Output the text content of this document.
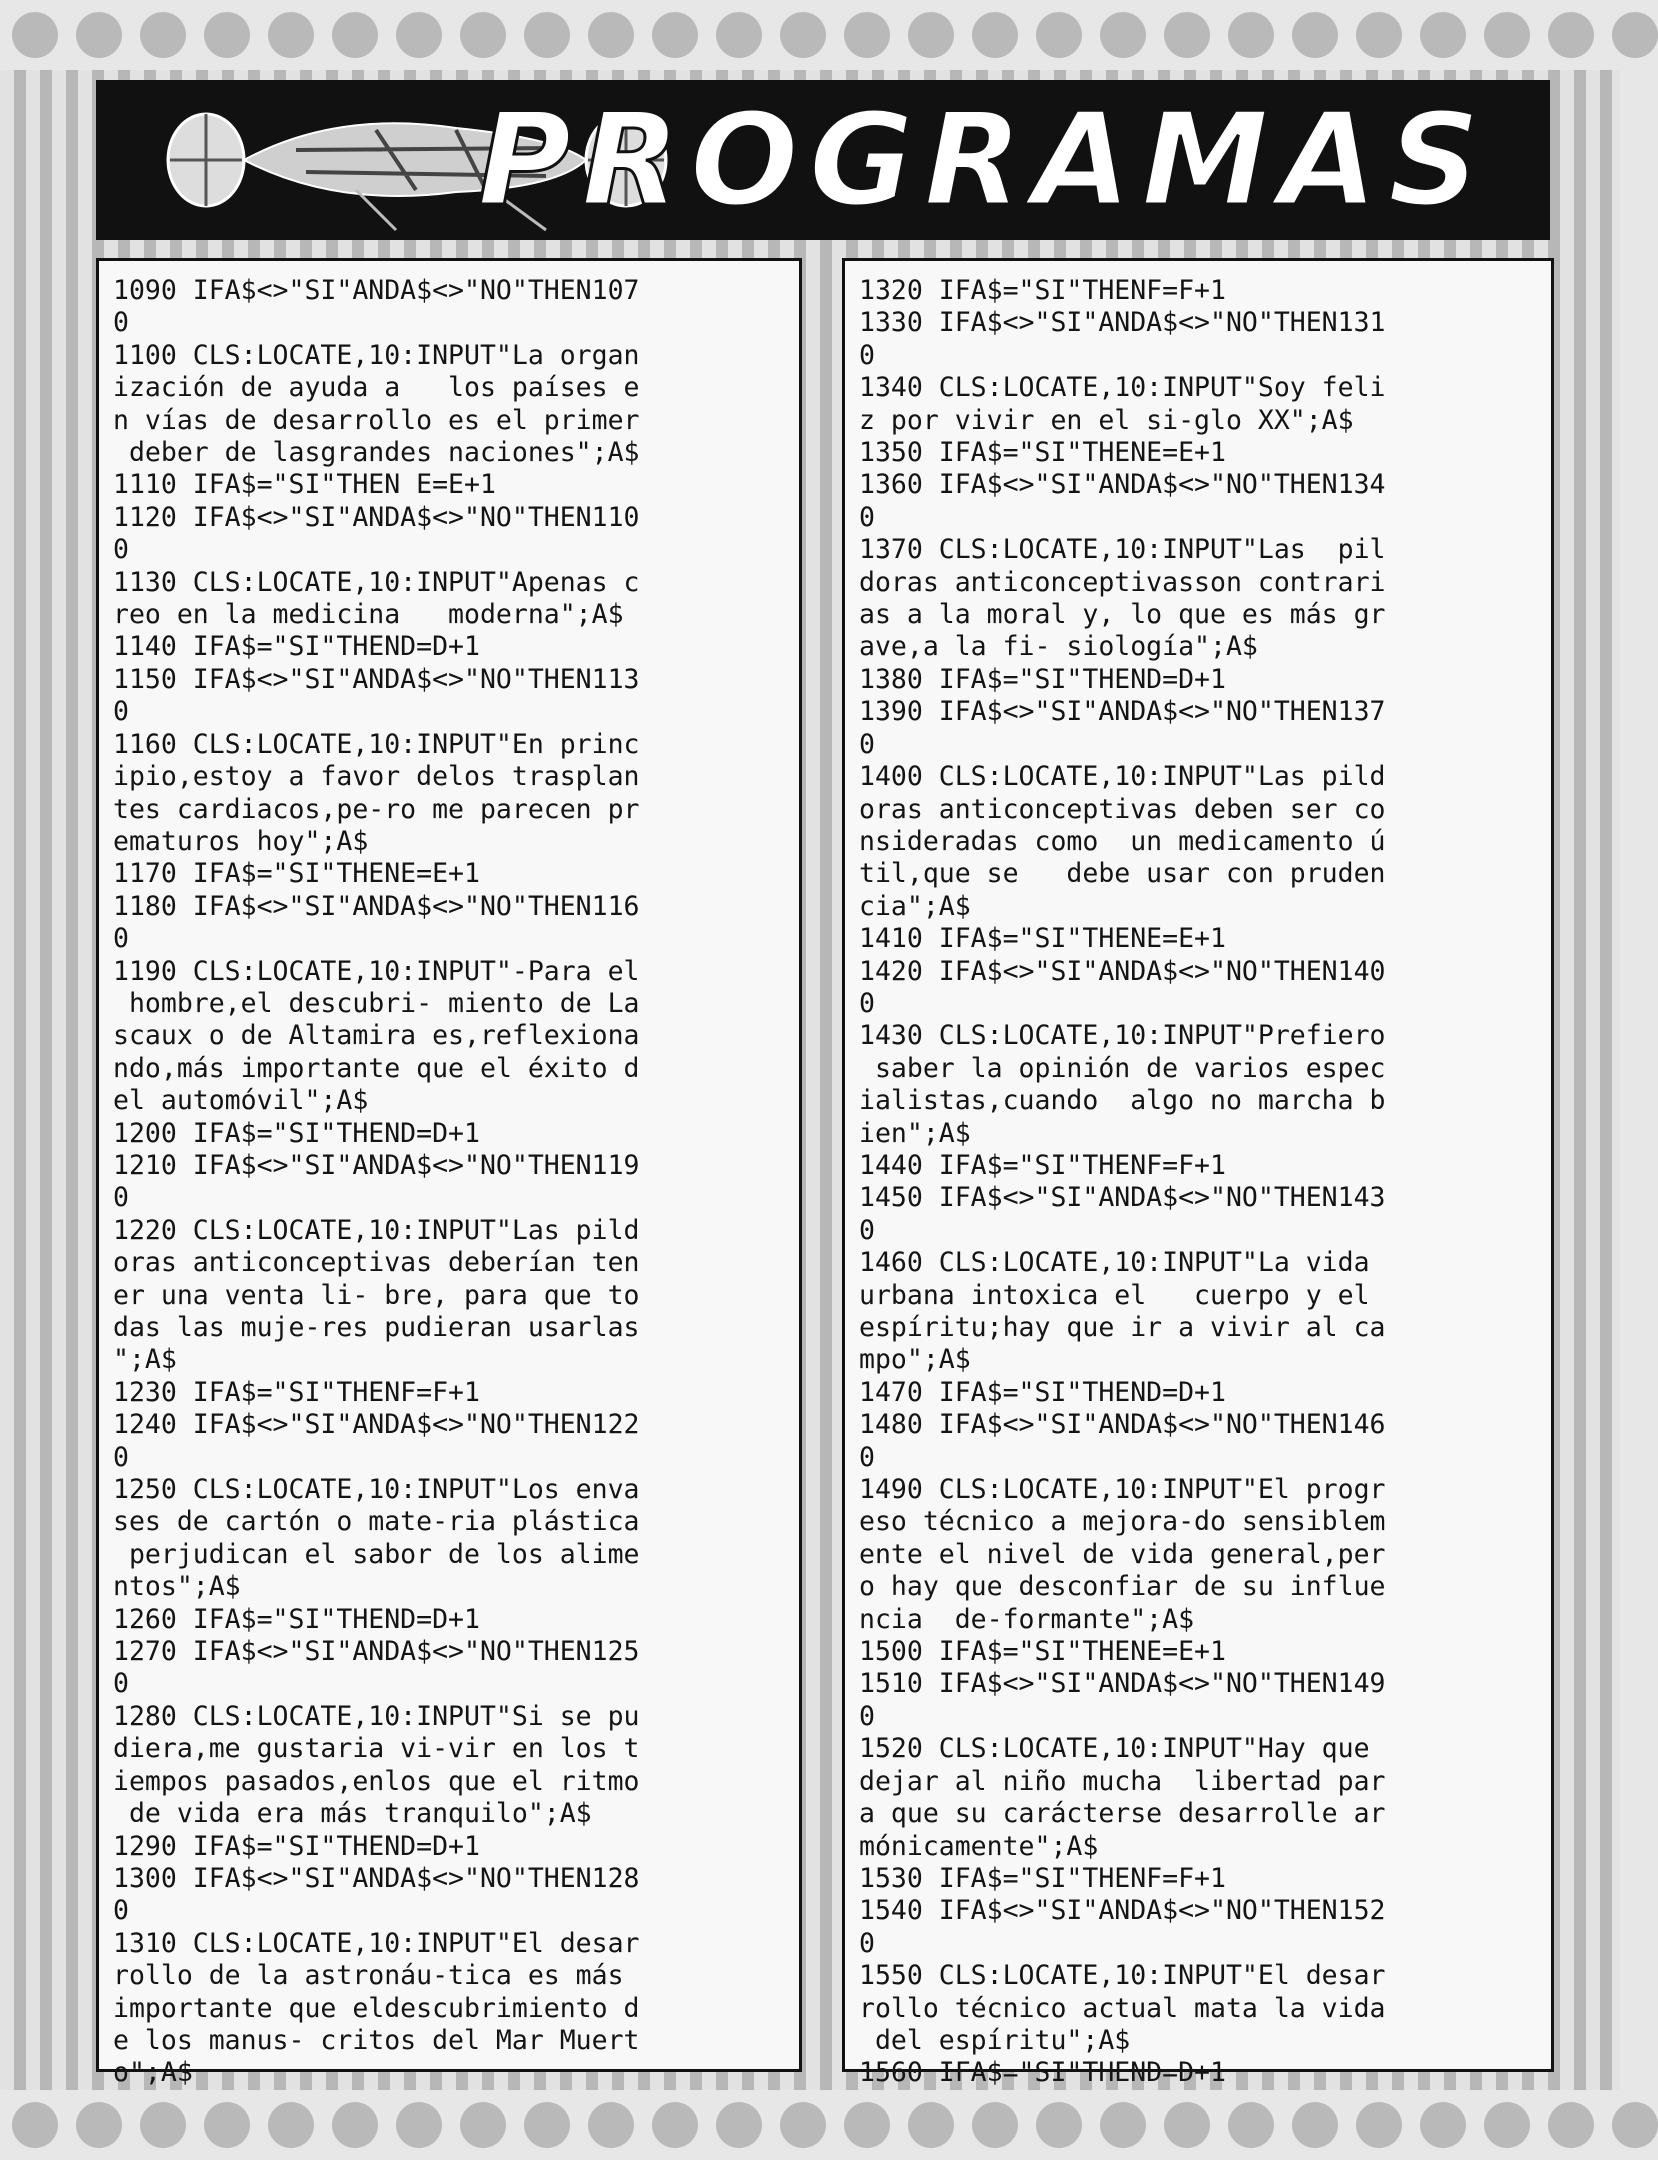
PROGRAMAS
1090 IFA$<>"SI"ANDA$<>"NO"THEN107
0
1100 CLS:LOCATE,10:INPUT"La organ
ización de ayuda a   los países e
n vías de desarrollo es el primer
deber de lasgrandes naciones";A$
1110 IFA$="SI"THEN E=E+1
1120 IFA$<>"SI"ANDA$<>"NO"THEN110
0
1130 CLS:LOCATE,10:INPUT"Apenas c
reo en la medicina   moderna";A$
1140 IFA$="SI"THEND=D+1
1150 IFA$<>"SI"ANDA$<>"NO"THEN113
0
1160 CLS:LOCATE,10:INPUT"En princ
ipio,estoy a favor delos trasplan
tes cardiacos,pe-ro me parecen pr
ematuros hoy";A$
1170 IFA$="SI"THENE=E+1
1180 IFA$<>"SI"ANDA$<>"NO"THEN116
0
1190 CLS:LOCATE,10:INPUT"-Para el
hombre,el descubri- miento de La
scaux o de Altamira es,reflexiona
ndo,más importante que el éxito d
el automóvil";A$
1200 IFA$="SI"THEND=D+1
1210 IFA$<>"SI"ANDA$<>"NO"THEN119
0
1220 CLS:LOCATE,10:INPUT"Las pild
oras anticonceptivas deberían ten
er una venta li- bre, para que to
das las muje-res pudieran usarlas
";A$
1230 IFA$="SI"THENF=F+1
1240 IFA$<>"SI"ANDA$<>"NO"THEN122
0
1250 CLS:LOCATE,10:INPUT"Los enva
ses de cartón o mate-ria plástica
perjudican el sabor de los alime
ntos";A$
1260 IFA$="SI"THEND=D+1
1270 IFA$<>"SI"ANDA$<>"NO"THEN125
0
1280 CLS:LOCATE,10:INPUT"Si se pu
diera,me gustaria vi-vir en los t
iempos pasados,enlos que el ritmo
de vida era más tranquilo";A$
1290 IFA$="SI"THEND=D+1
1300 IFA$<>"SI"ANDA$<>"NO"THEN128
0
1310 CLS:LOCATE,10:INPUT"El desar
rollo de la astronáu-tica es más
importante que eldescubrimiento d
e los manus- critos del Mar Muert
o";A$
1320 IFA$="SI"THENF=F+1
1330 IFA$<>"SI"ANDA$<>"NO"THEN131
0
1340 CLS:LOCATE,10:INPUT"Soy feli
z por vivir en el si-glo XX";A$
1350 IFA$="SI"THENE=E+1
1360 IFA$<>"SI"ANDA$<>"NO"THEN134
0
1370 CLS:LOCATE,10:INPUT"Las  pil
doras anticonceptivasson contrari
as a la moral y, lo que es más gr
ave,a la fi- siología";A$
1380 IFA$="SI"THEND=D+1
1390 IFA$<>"SI"ANDA$<>"NO"THEN137
0
1400 CLS:LOCATE,10:INPUT"Las pild
oras anticonceptivas deben ser co
nsideradas como  un medicamento ú
til,que se   debe usar con pruden
cia";A$
1410 IFA$="SI"THENE=E+1
1420 IFA$<>"SI"ANDA$<>"NO"THEN140
0
1430 CLS:LOCATE,10:INPUT"Prefiero
saber la opinión de varios espec
ialistas,cuando  algo no marcha b
ien";A$
1440 IFA$="SI"THENF=F+1
1450 IFA$<>"SI"ANDA$<>"NO"THEN143
0
1460 CLS:LOCATE,10:INPUT"La vida
urbana intoxica el   cuerpo y el
espíritu;hay que ir a vivir al ca
mpo";A$
1470 IFA$="SI"THEND=D+1
1480 IFA$<>"SI"ANDA$<>"NO"THEN146
0
1490 CLS:LOCATE,10:INPUT"El progr
eso técnico a mejora-do sensiblem
ente el nivel de vida general,per
o hay que desconfiar de su influe
ncia  de-formante";A$
1500 IFA$="SI"THENE=E+1
1510 IFA$<>"SI"ANDA$<>"NO"THEN149
0
1520 CLS:LOCATE,10:INPUT"Hay que
dejar al niño mucha  libertad par
a que su carácterse desarrolle ar
mónicamente";A$
1530 IFA$="SI"THENF=F+1
1540 IFA$<>"SI"ANDA$<>"NO"THEN152
0
1550 CLS:LOCATE,10:INPUT"El desar
rollo técnico actual mata la vida
del espíritu";A$
1560 IFA$="SI"THEND=D+1
